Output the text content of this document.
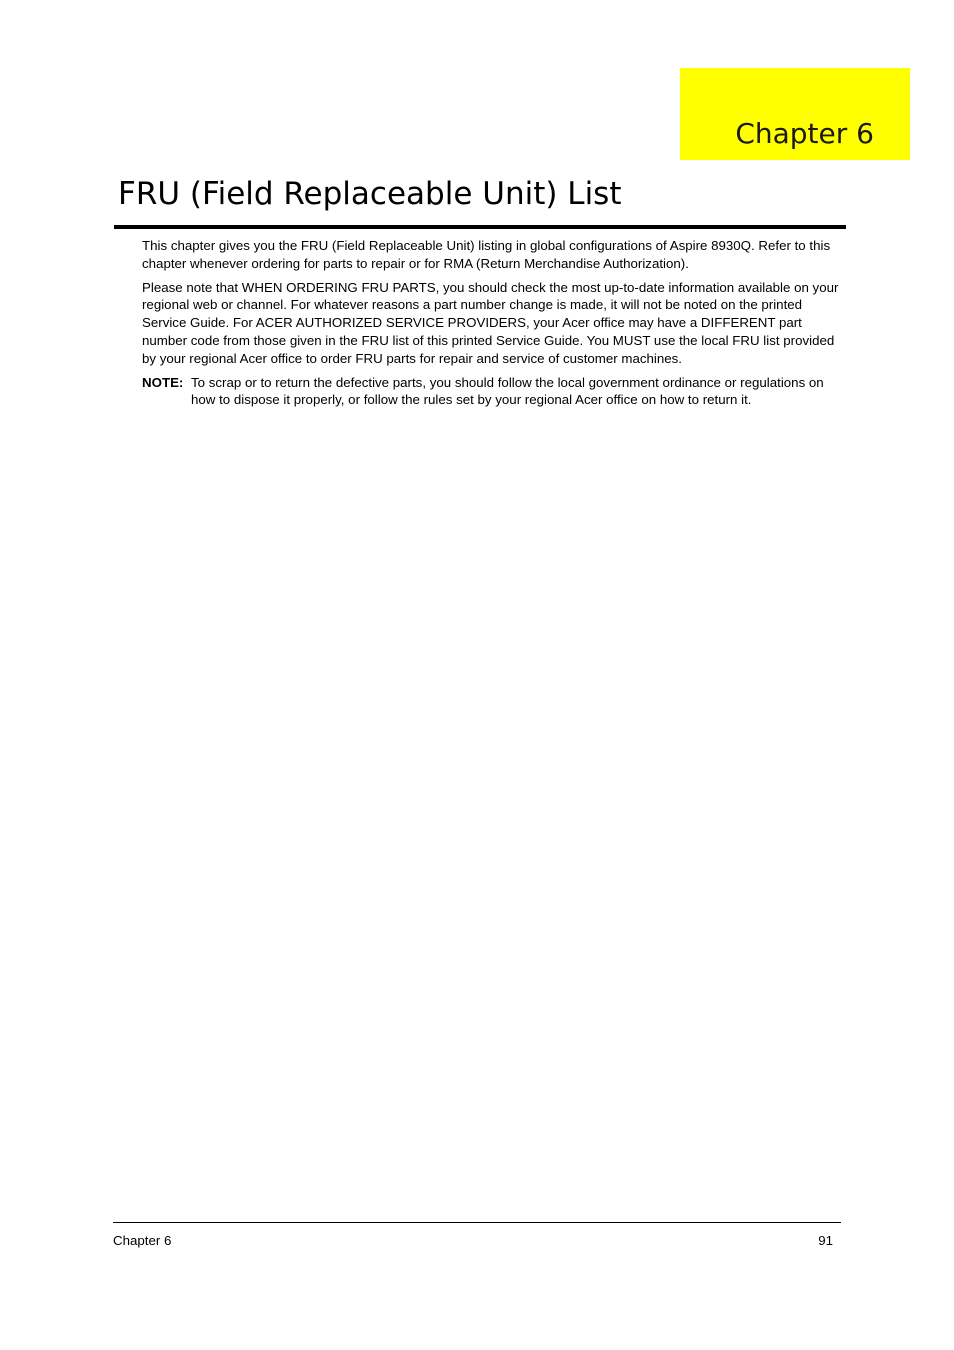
Chapter 6
FRU (Field Replaceable Unit) List

This chapter gives you the FRU (Field Replaceable Unit) listing in global configurations of Aspire 8930Q. Refer to this chapter whenever ordering for parts to repair or for RMA (Return Merchandise Authorization).

Please note that WHEN ORDERING FRU PARTS, you should check the most up-to-date information available on your regional web or channel. For whatever reasons a part number change is made, it will not be noted on the printed Service Guide. For ACER AUTHORIZED SERVICE PROVIDERS, your Acer office may have a DIFFERENT part number code from those given in the FRU list of this printed Service Guide. You MUST use the local FRU list provided by your regional Acer office to order FRU parts for repair and service of customer machines.

NOTE: To scrap or to return the defective parts, you should follow the local government ordinance or regulations on how to dispose it properly, or follow the rules set by your regional Acer office on how to return it.
Chapter 6	91
